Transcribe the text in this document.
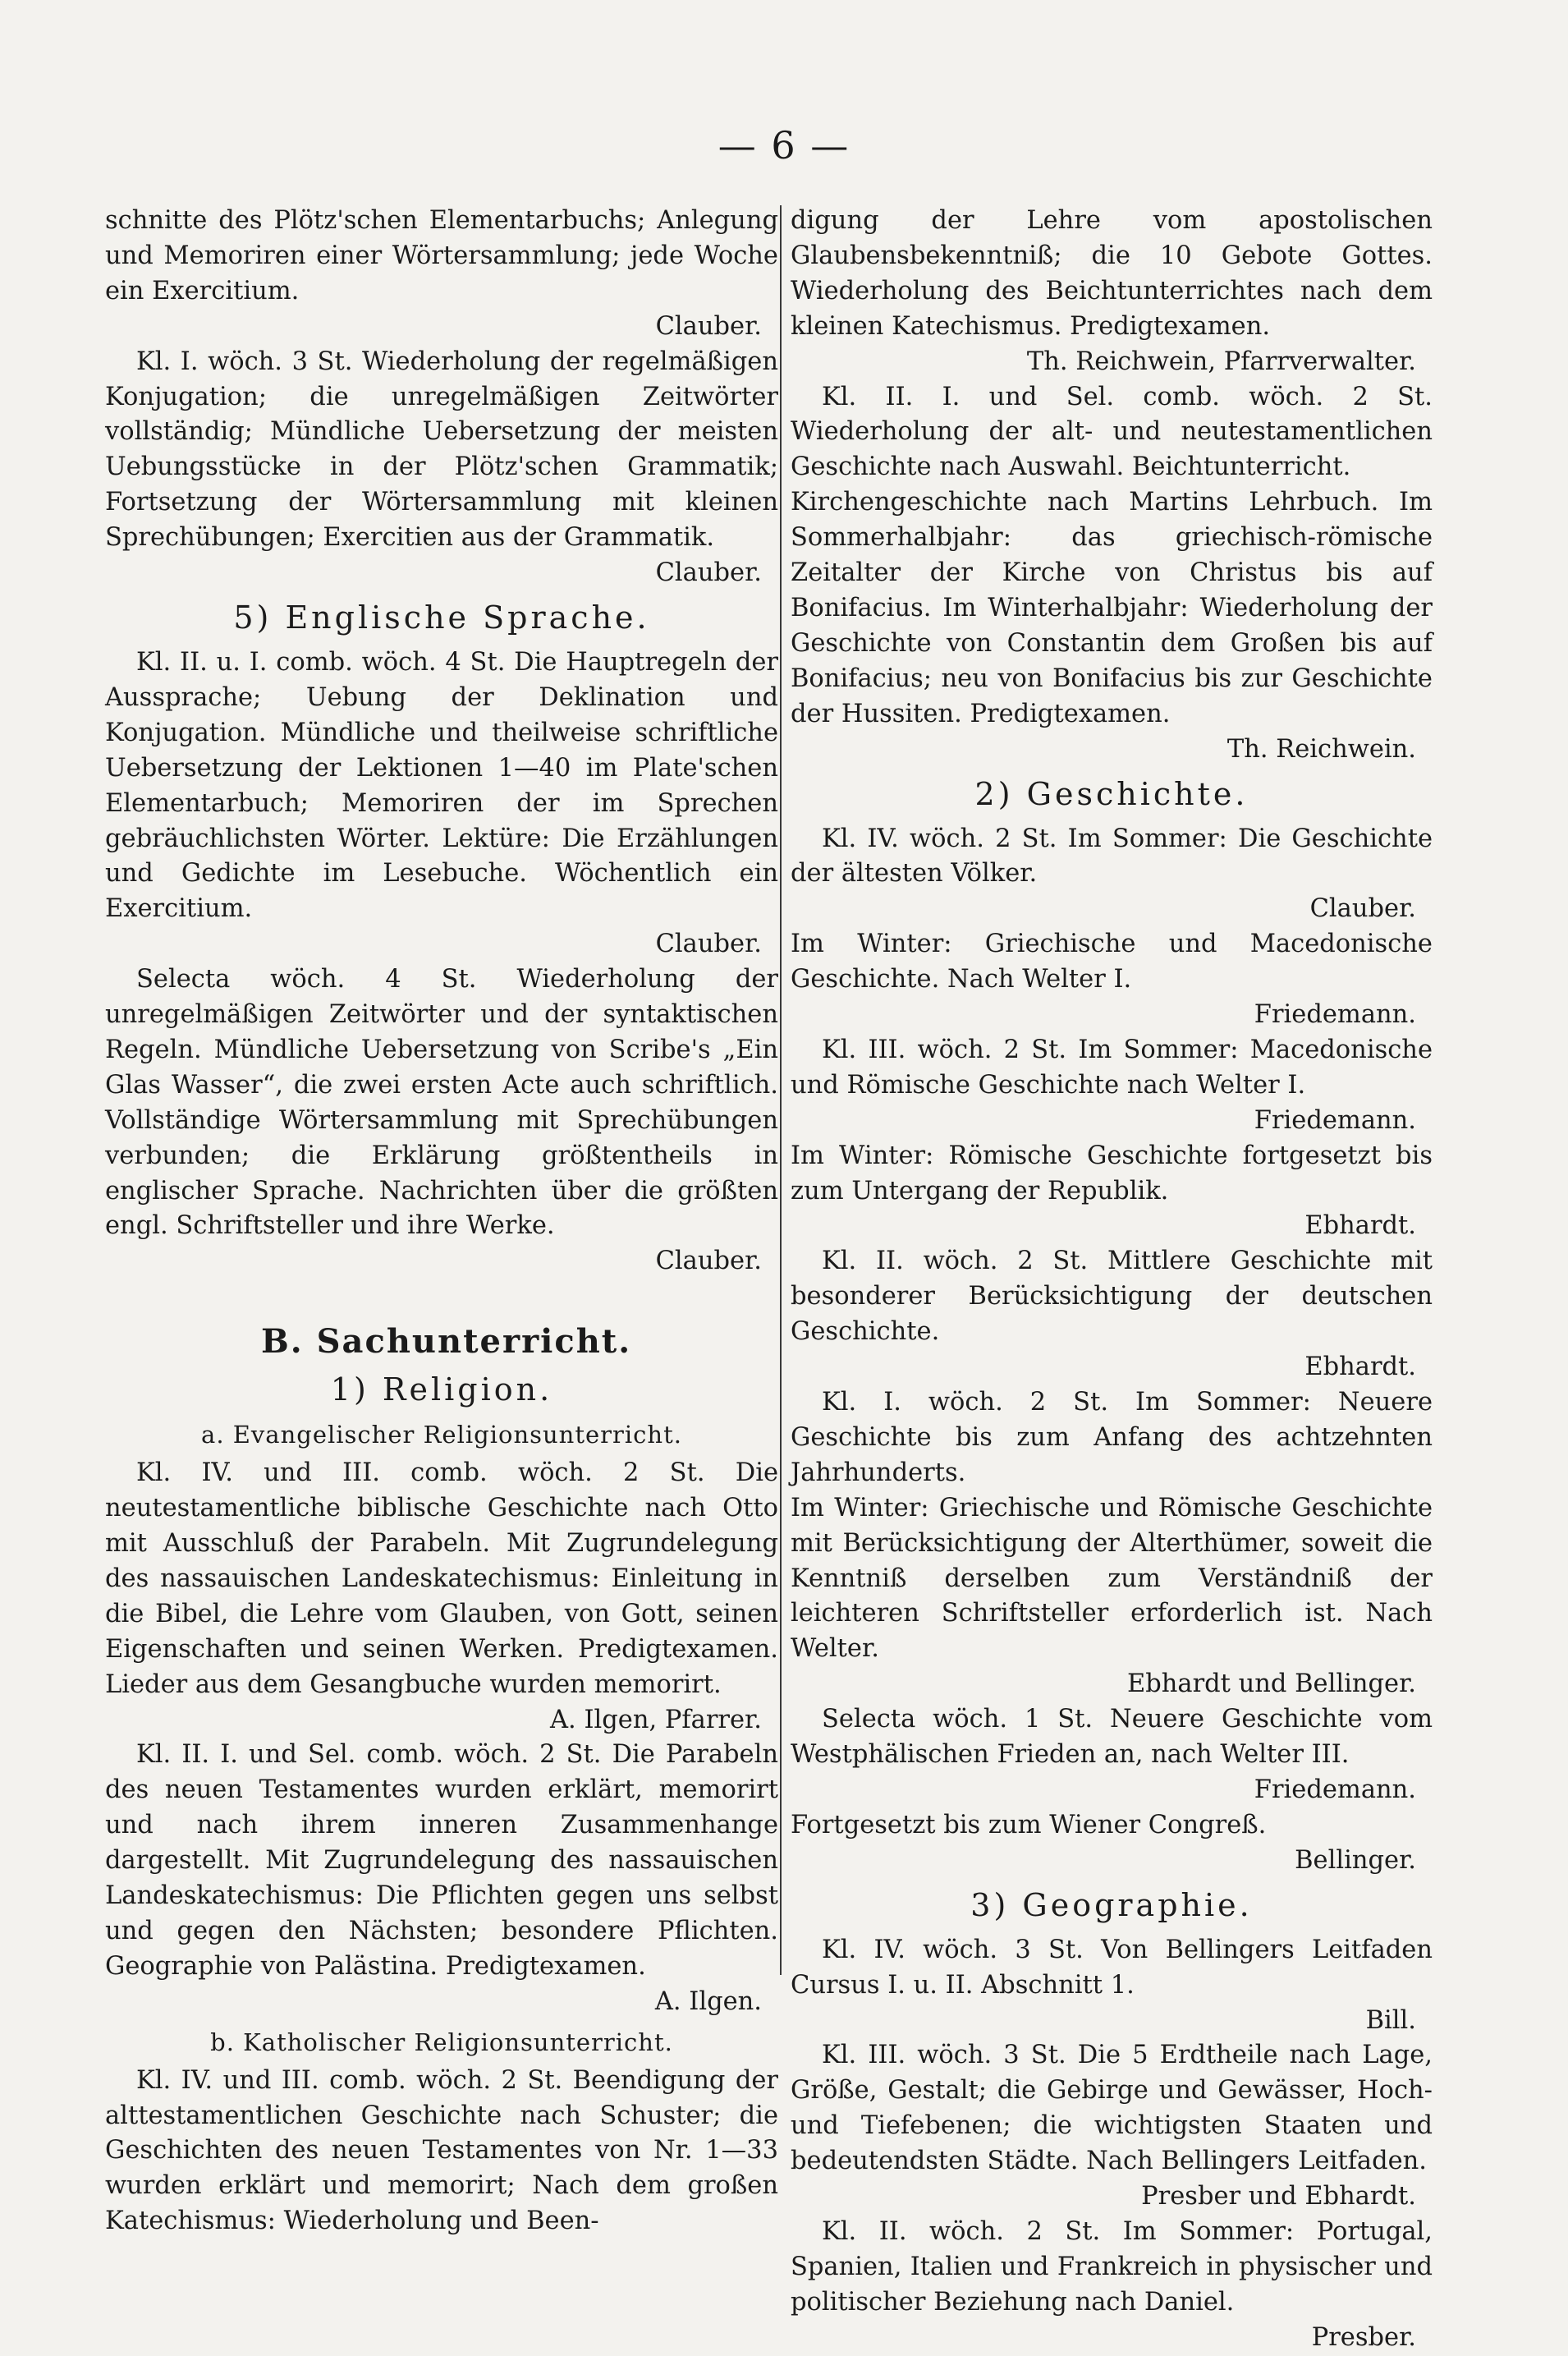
— 6 —

schnitte des Plötz'schen Elementarbuchs; Anlegung und Memoriren einer Wörtersammlung; jede Woche ein Exercitium.

Clauber.

Kl. I. wöch. 3 St. Wiederholung der regelmäßigen Konjugation; die unregelmäßigen Zeitwörter vollständig; Mündliche Uebersetzung der meisten Uebungsstücke in der Plötz'schen Grammatik; Fortsetzung der Wörtersammlung mit kleinen Sprechübungen; Exercitien aus der Grammatik.

Clauber.

5) Englische Sprache.

Kl. II. u. I. comb. wöch. 4 St. Die Hauptregeln der Aussprache; Uebung der Deklination und Konjugation. Mündliche und theilweise schriftliche Uebersetzung der Lektionen 1—40 im Plate'schen Elementarbuch; Memoriren der im Sprechen gebräuchlichsten Wörter. Lektüre: Die Erzählungen und Gedichte im Lesebuche. Wöchentlich ein Exercitium.

Clauber.

Selecta wöch. 4 St. Wiederholung der unregelmäßigen Zeitwörter und der syntaktischen Regeln. Mündliche Uebersetzung von Scribe's „Ein Glas Wasser“, die zwei ersten Acte auch schriftlich. Vollständige Wörtersammlung mit Sprechübungen verbunden; die Erklärung größtentheils in englischer Sprache. Nachrichten über die größten engl. Schriftsteller und ihre Werke.

Clauber.

B. Sachunterricht.
1) Religion.
a. Evangelischer Religionsunterricht.

Kl. IV. und III. comb. wöch. 2 St. Die neutestamentliche biblische Geschichte nach Otto mit Ausschluß der Parabeln. Mit Zugrundelegung des nassauischen Landeskatechismus: Einleitung in die Bibel, die Lehre vom Glauben, von Gott, seinen Eigenschaften und seinen Werken. Predigtexamen. Lieder aus dem Gesangbuche wurden memorirt.

A. Ilgen, Pfarrer.

Kl. II. I. und Sel. comb. wöch. 2 St. Die Parabeln des neuen Testamentes wurden erklärt, memorirt und nach ihrem inneren Zusammenhange dargestellt. Mit Zugrundelegung des nassauischen Landeskatechismus: Die Pflichten gegen uns selbst und gegen den Nächsten; besondere Pflichten. Geographie von Palästina. Predigtexamen.

A. Ilgen.

b. Katholischer Religionsunterricht.

Kl. IV. und III. comb. wöch. 2 St. Beendigung der alttestamentlichen Geschichte nach Schuster; die Geschichten des neuen Testamentes von Nr. 1—33 wurden erklärt und memorirt; Nach dem großen Katechismus: Wiederholung und Been-

digung der Lehre vom apostolischen Glaubensbekenntniß; die 10 Gebote Gottes. Wiederholung des Beichtunterrichtes nach dem kleinen Katechismus. Predigtexamen.

Th. Reichwein, Pfarrverwalter.

Kl. II. I. und Sel. comb. wöch. 2 St. Wiederholung der alt- und neutestamentlichen Geschichte nach Auswahl. Beichtunterricht.

Kirchengeschichte nach Martins Lehrbuch. Im Sommerhalbjahr: das griechisch-römische Zeitalter der Kirche von Christus bis auf Bonifacius. Im Winterhalbjahr: Wiederholung der Geschichte von Constantin dem Großen bis auf Bonifacius; neu von Bonifacius bis zur Geschichte der Hussiten. Predigtexamen.

Th. Reichwein.

2) Geschichte.

Kl. IV. wöch. 2 St. Im Sommer: Die Geschichte der ältesten Völker.

Clauber.

Im Winter: Griechische und Macedonische Geschichte. Nach Welter I.

Friedemann.

Kl. III. wöch. 2 St. Im Sommer: Macedonische und Römische Geschichte nach Welter I.

Friedemann.

Im Winter: Römische Geschichte fortgesetzt bis zum Untergang der Republik.

Ebhardt.

Kl. II. wöch. 2 St. Mittlere Geschichte mit besonderer Berücksichtigung der deutschen Geschichte.

Ebhardt.

Kl. I. wöch. 2 St. Im Sommer: Neuere Geschichte bis zum Anfang des achtzehnten Jahrhunderts.

Im Winter: Griechische und Römische Geschichte mit Berücksichtigung der Alterthümer, soweit die Kenntniß derselben zum Verständniß der leichteren Schriftsteller erforderlich ist. Nach Welter.

Ebhardt und Bellinger.

Selecta wöch. 1 St. Neuere Geschichte vom Westphälischen Frieden an, nach Welter III.

Friedemann.

Fortgesetzt bis zum Wiener Congreß.

Bellinger.

3) Geographie.

Kl. IV. wöch. 3 St. Von Bellingers Leitfaden Cursus I. u. II. Abschnitt 1.

Bill.

Kl. III. wöch. 3 St. Die 5 Erdtheile nach Lage, Größe, Gestalt; die Gebirge und Gewässer, Hoch- und Tiefebenen; die wichtigsten Staaten und bedeutendsten Städte. Nach Bellingers Leitfaden.

Presber und Ebhardt.

Kl. II. wöch. 2 St. Im Sommer: Portugal, Spanien, Italien und Frankreich in physischer und politischer Beziehung nach Daniel.

Presber.
